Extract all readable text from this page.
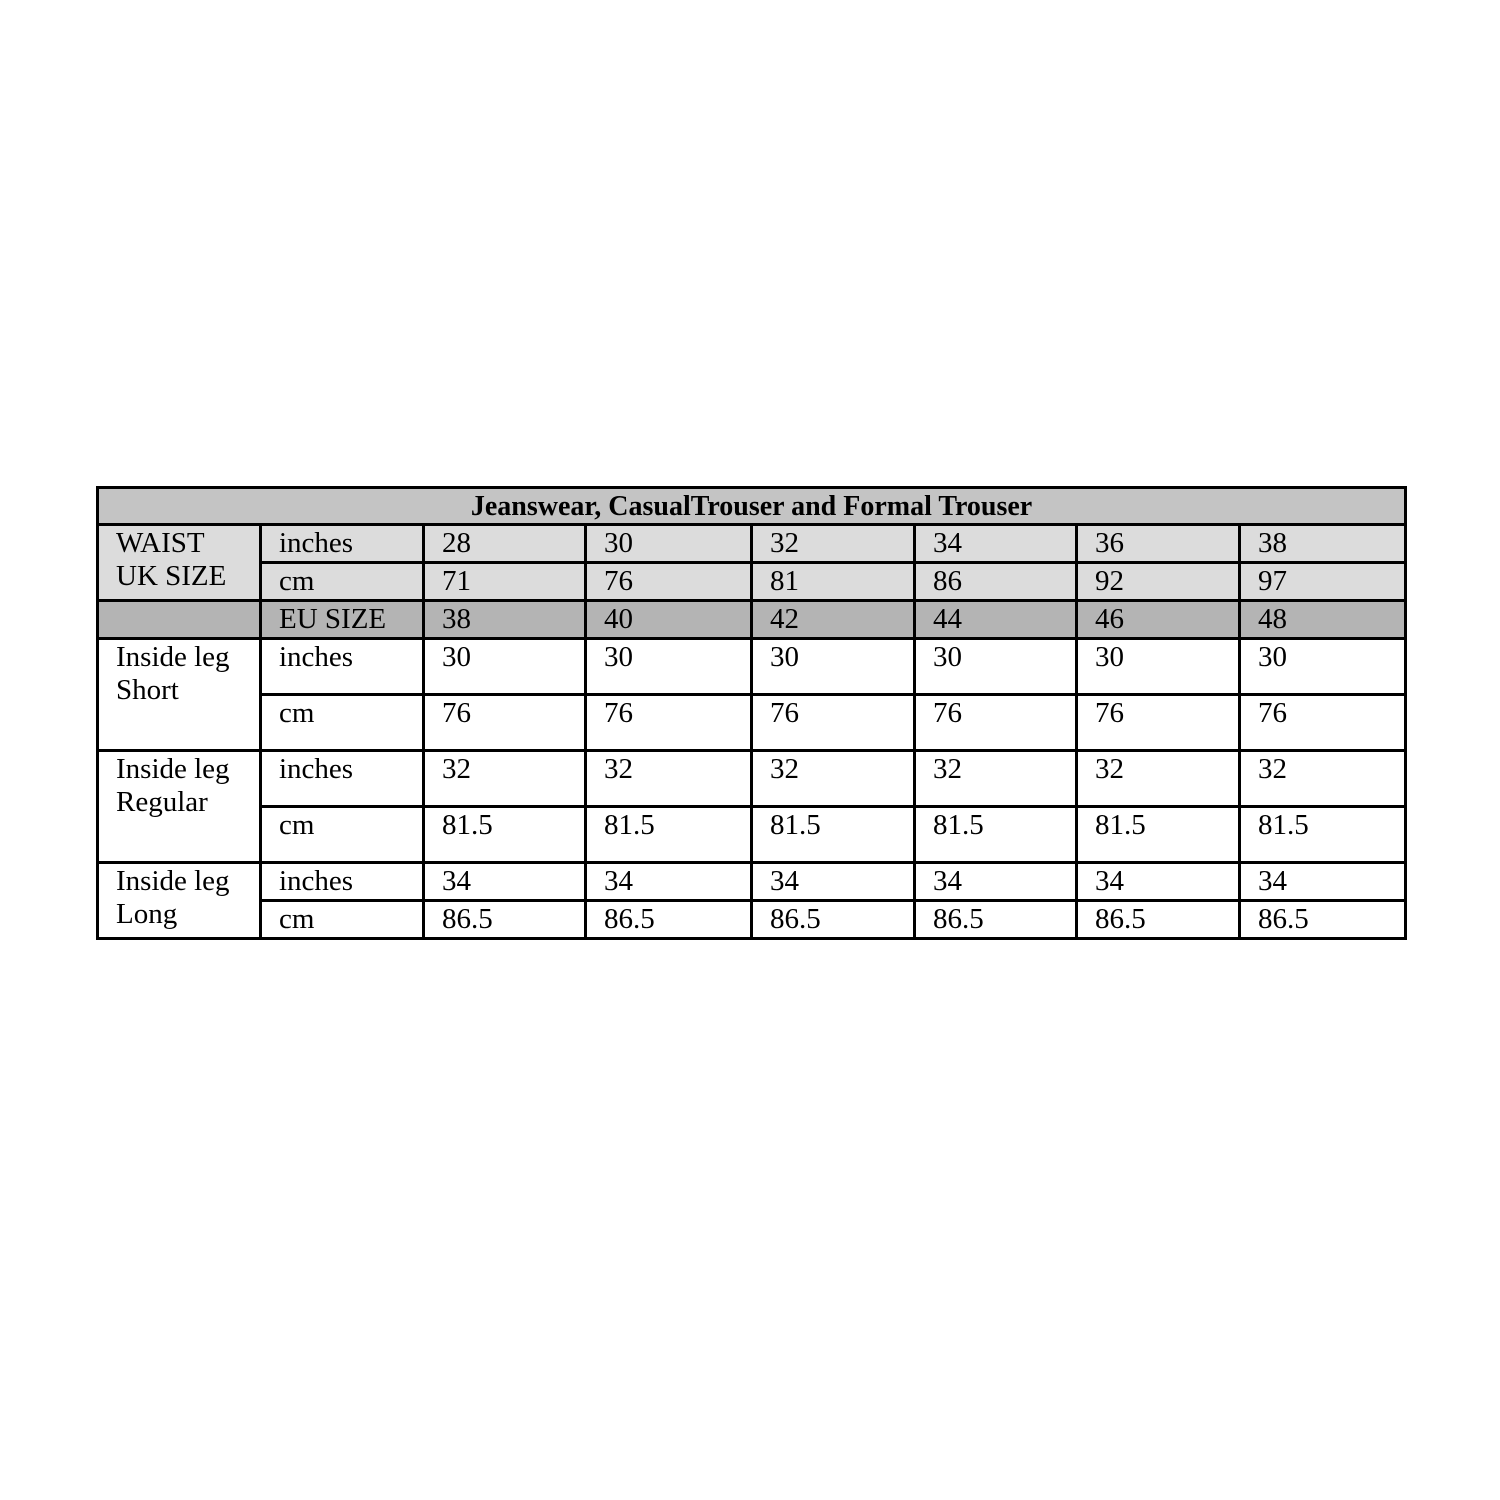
Jeanswear, CasualTrouser and Formal Trouser							
WAIST
UK SIZE	inches	28	30	32	34	36	38
	cm	71	76	81	86	92	97
	EU SIZE	38	40	42	44	46	48
Inside leg
Short	inches	30	30	30	30	30	30
	cm	76	76	76	76	76	76
Inside leg
Regular	inches	32	32	32	32	32	32
	cm	81.5	81.5	81.5	81.5	81.5	81.5
Inside leg
Long	inches	34	34	34	34	34	34
	cm	86.5	86.5	86.5	86.5	86.5	86.5
